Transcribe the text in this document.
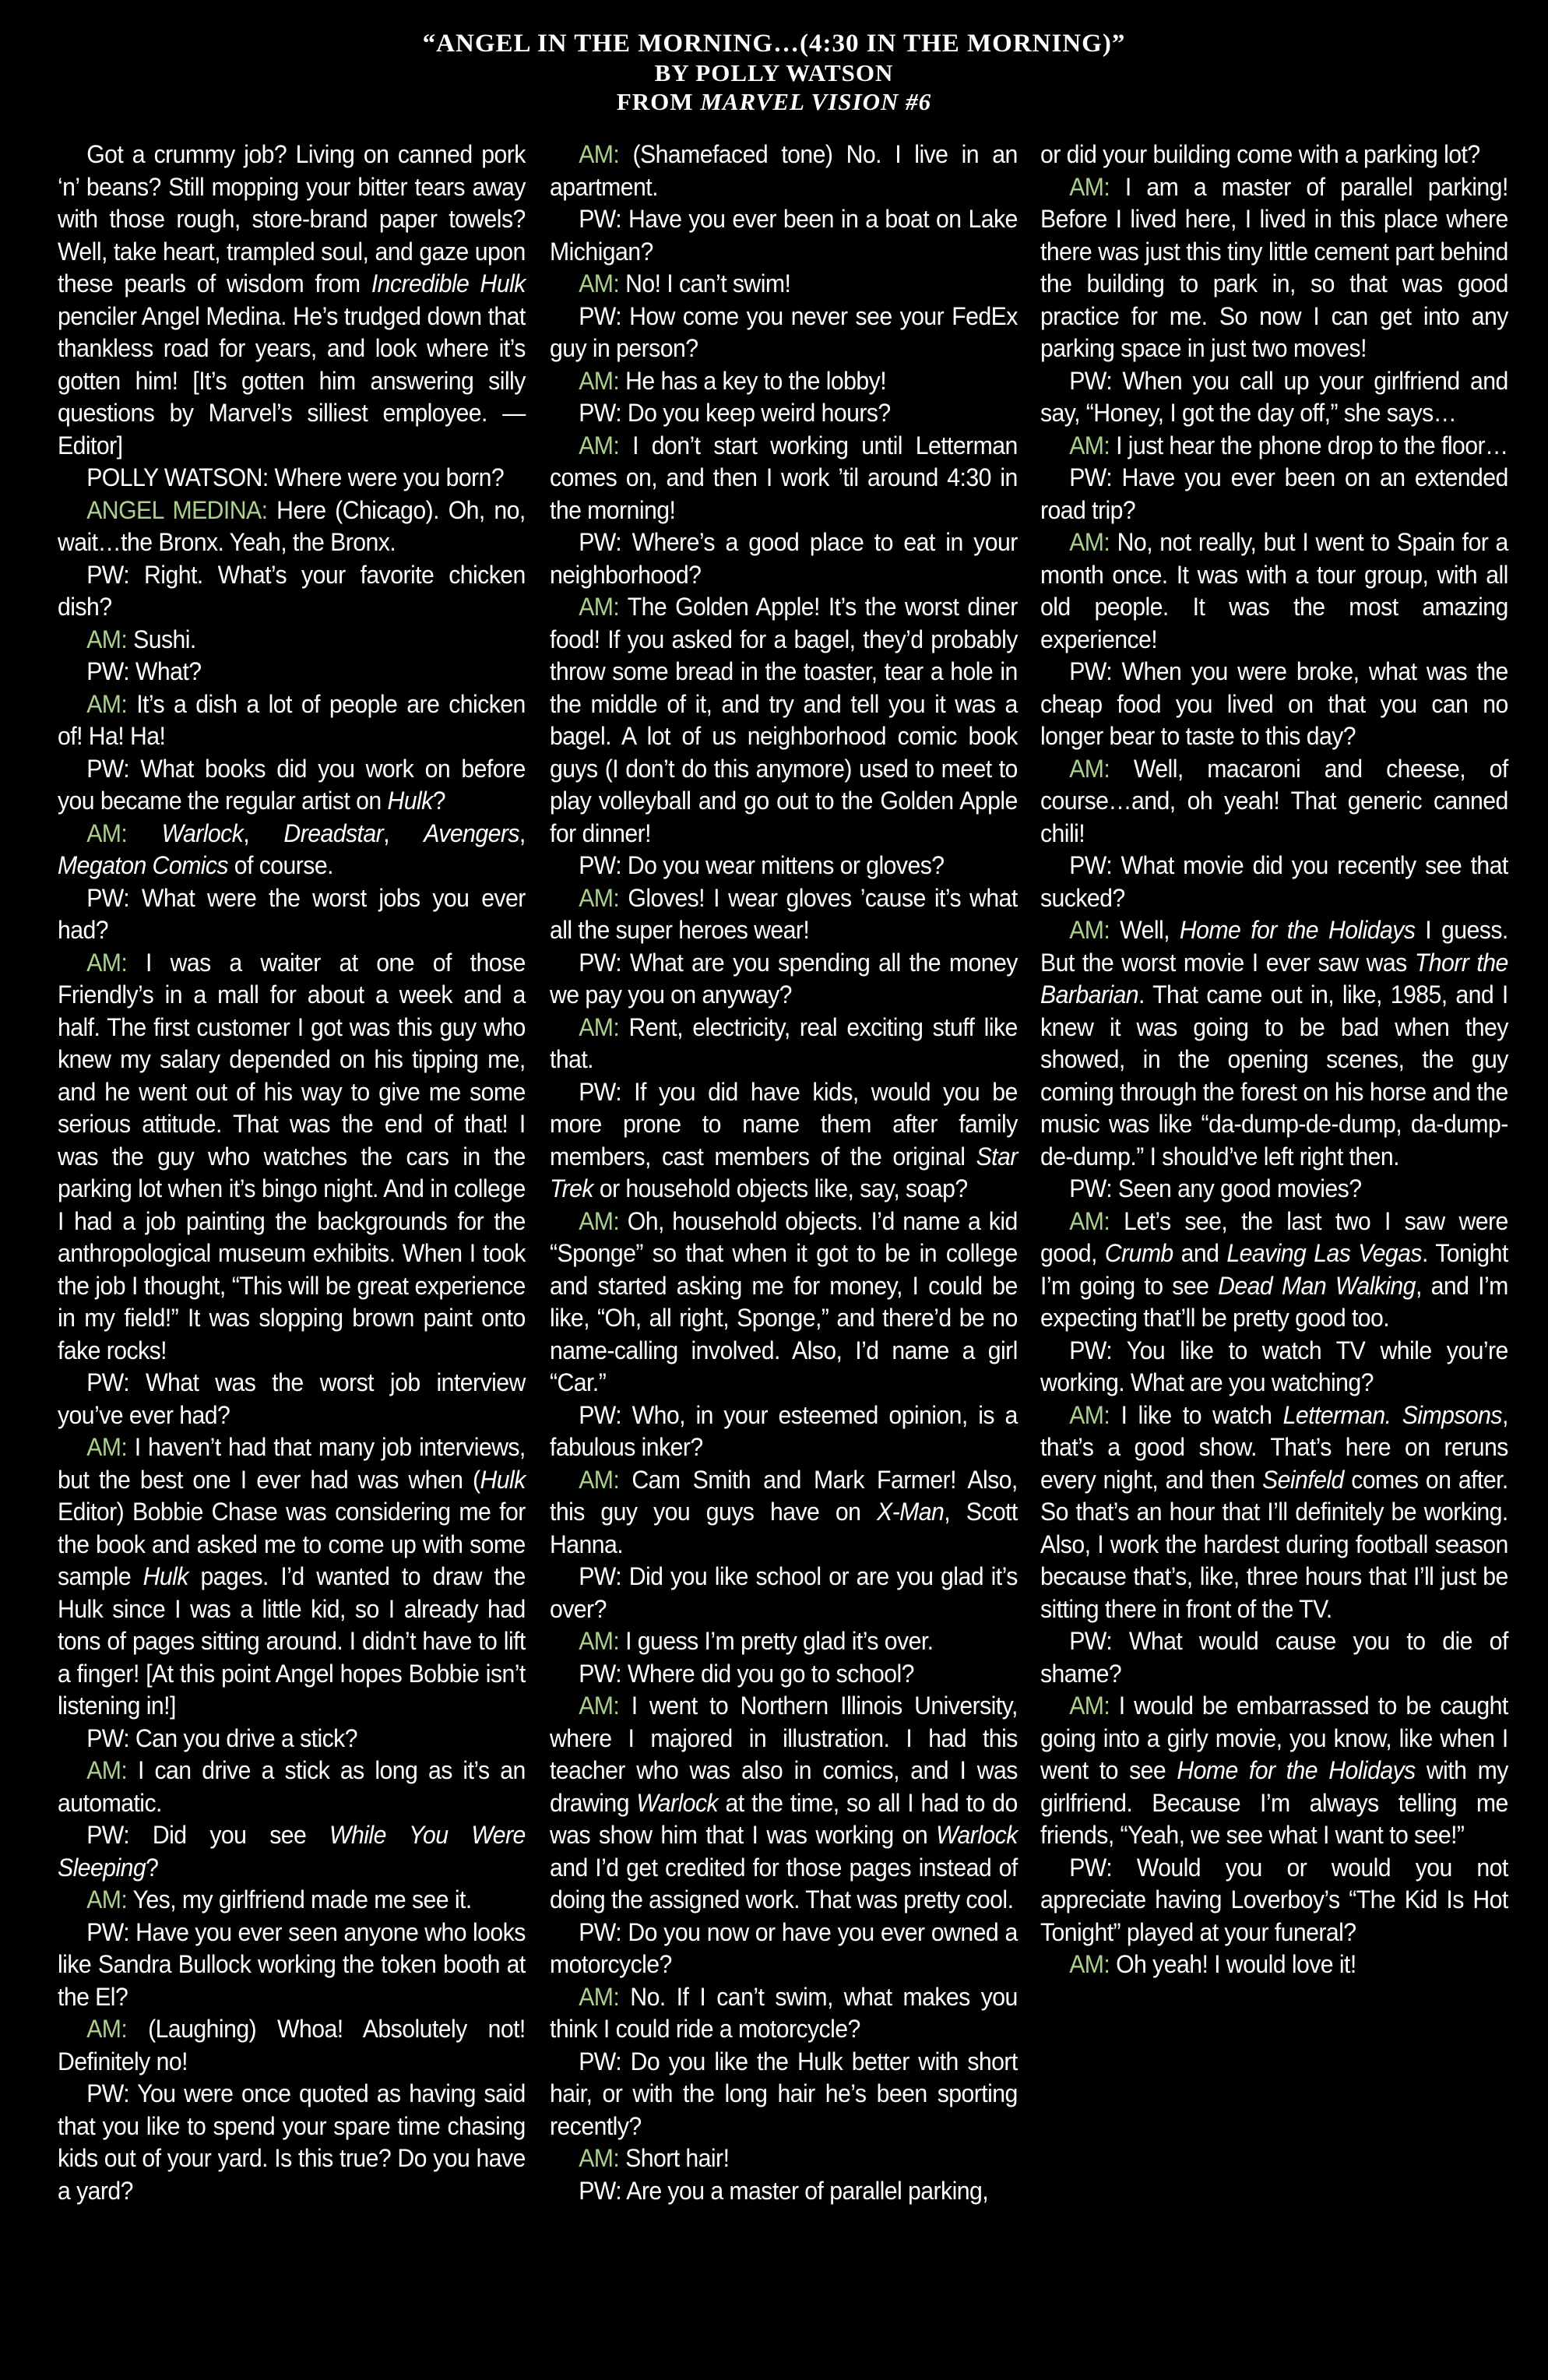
“ANGEL IN THE MORNING…(4:30 IN THE MORNING)”
BY POLLY WATSON
FROM MARVEL VISION #6

Got a crummy job? Living on canned pork ‘n’ beans? Still mopping your bitter tears away with those rough, store-brand paper towels? Well, take heart, trampled soul, and gaze upon these pearls of wisdom from Incredible Hulk penciler Angel Medina. He’s trudged down that thankless road for years, and look where it’s gotten him! [It’s gotten him answering silly questions by Marvel’s silliest employee. —Editor]

POLLY WATSON: Where were you born?

ANGEL MEDINA: Here (Chicago). Oh, no, wait…the Bronx. Yeah, the Bronx.

PW: Right. What’s your favorite chicken dish?

AM: Sushi.

PW: What?

AM: It’s a dish a lot of people are chicken of! Ha! Ha!

PW: What books did you work on before you became the regular artist on Hulk?

AM: Warlock, Dreadstar, Avengers, Megaton Comics of course.

PW: What were the worst jobs you ever had?

AM: I was a waiter at one of those Friendly’s in a mall for about a week and a half. The first customer I got was this guy who knew my salary depended on his tipping me, and he went out of his way to give me some serious attitude. That was the end of that! I was the guy who watches the cars in the parking lot when it’s bingo night. And in college I had a job painting the backgrounds for the anthropological museum exhibits. When I took the job I thought, “This will be great experience in my field!” It was slopping brown paint onto fake rocks!

PW: What was the worst job interview you’ve ever had?

AM: I haven’t had that many job interviews, but the best one I ever had was when (Hulk Editor) Bobbie Chase was considering me for the book and asked me to come up with some sample Hulk pages. I’d wanted to draw the Hulk since I was a little kid, so I already had tons of pages sitting around. I didn’t have to lift a finger! [At this point Angel hopes Bobbie isn’t listening in!]

PW: Can you drive a stick?

AM: I can drive a stick as long as it’s an automatic.

PW: Did you see While You Were Sleeping?

AM: Yes, my girlfriend made me see it.

PW: Have you ever seen anyone who looks like Sandra Bullock working the token booth at the El?

AM: (Laughing) Whoa! Absolutely not! Definitely no!

PW: You were once quoted as having said that you like to spend your spare time chasing kids out of your yard. Is this true? Do you have a yard?

AM: (Shamefaced tone) No. I live in an apartment.

PW: Have you ever been in a boat on Lake Michigan?

AM: No! I can’t swim!

PW: How come you never see your FedEx guy in person?

AM: He has a key to the lobby!

PW: Do you keep weird hours?

AM: I don’t start working until Letterman comes on, and then I work ’til around 4:30 in the morning!

PW: Where’s a good place to eat in your neighborhood?

AM: The Golden Apple! It’s the worst diner food! If you asked for a bagel, they’d probably throw some bread in the toaster, tear a hole in the middle of it, and try and tell you it was a bagel. A lot of us neighborhood comic book guys (I don’t do this anymore) used to meet to play volleyball and go out to the Golden Apple for dinner!

PW: Do you wear mittens or gloves?

AM: Gloves! I wear gloves ’cause it’s what all the super heroes wear!

PW: What are you spending all the money we pay you on anyway?

AM: Rent, electricity, real exciting stuff like that.

PW: If you did have kids, would you be more prone to name them after family members, cast members of the original Star Trek or household objects like, say, soap?

AM: Oh, household objects. I’d name a kid “Sponge” so that when it got to be in college and started asking me for money, I could be like, “Oh, all right, Sponge,” and there’d be no name-calling involved. Also, I’d name a girl “Car.”

PW: Who, in your esteemed opinion, is a fabulous inker?

AM: Cam Smith and Mark Farmer! Also, this guy you guys have on X-Man, Scott Hanna.

PW: Did you like school or are you glad it’s over?

AM: I guess I’m pretty glad it’s over.

PW: Where did you go to school?

AM: I went to Northern Illinois University, where I majored in illustration. I had this teacher who was also in comics, and I was drawing Warlock at the time, so all I had to do was show him that I was working on Warlock and I’d get credited for those pages instead of doing the assigned work. That was pretty cool.

PW: Do you now or have you ever owned a motorcycle?

AM: No. If I can’t swim, what makes you think I could ride a motorcycle?

PW: Do you like the Hulk better with short hair, or with the long hair he’s been sporting recently?

AM: Short hair!

PW: Are you a master of parallel parking,

or did your building come with a parking lot?

AM: I am a master of parallel parking! Before I lived here, I lived in this place where there was just this tiny little cement part behind the building to park in, so that was good practice for me. So now I can get into any parking space in just two moves!

PW: When you call up your girlfriend and say, “Honey, I got the day off,” she says…

AM: I just hear the phone drop to the floor…

PW: Have you ever been on an extended road trip?

AM: No, not really, but I went to Spain for a month once. It was with a tour group, with all old people. It was the most amazing experience!

PW: When you were broke, what was the cheap food you lived on that you can no longer bear to taste to this day?

AM: Well, macaroni and cheese, of course…and, oh yeah! That generic canned chili!

PW: What movie did you recently see that sucked?

AM: Well, Home for the Holidays I guess. But the worst movie I ever saw was Thorr the Barbarian. That came out in, like, 1985, and I knew it was going to be bad when they showed, in the opening scenes, the guy coming through the forest on his horse and the music was like “da-dump-de-dump, da-dump-de-dump.” I should’ve left right then.

PW: Seen any good movies?

AM: Let’s see, the last two I saw were good, Crumb and Leaving Las Vegas. Tonight I’m going to see Dead Man Walking, and I’m expecting that’ll be pretty good too.

PW: You like to watch TV while you’re working. What are you watching?

AM: I like to watch Letterman. Simpsons, that’s a good show. That’s here on reruns every night, and then Seinfeld comes on after. So that’s an hour that I’ll definitely be working. Also, I work the hardest during football season because that’s, like, three hours that I’ll just be sitting there in front of the TV.

PW: What would cause you to die of shame?

AM: I would be embarrassed to be caught going into a girly movie, you know, like when I went to see Home for the Holidays with my girlfriend. Because I’m always telling me friends, “Yeah, we see what I want to see!”

PW: Would you or would you not appreciate having Loverboy’s “The Kid Is Hot Tonight” played at your funeral?

AM: Oh yeah! I would love it!
